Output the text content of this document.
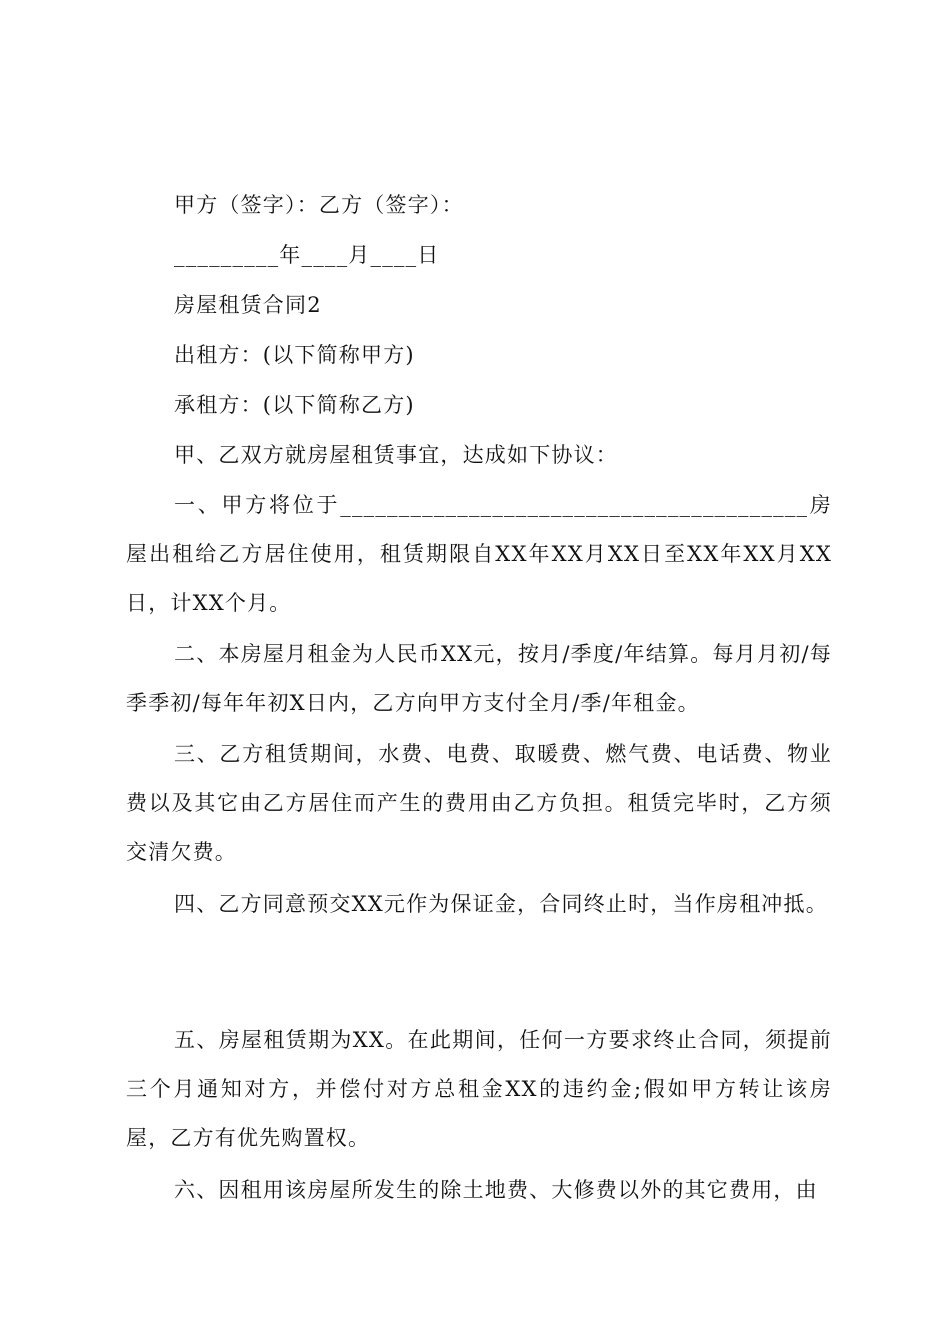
甲方（签字）：乙方（签字）：
_________年____月____日
房屋租赁合同2
出租方：(以下简称甲方)
承租方：(以下简称乙方)
甲、乙双方就房屋租赁事宜，达成如下协议：
一、甲方将位于________________________________________房屋出租给乙方居住使用，租赁期限自XX年XX月XX日至XX年XX月XX日，计XX个月。
二、本房屋月租金为人民币XX元，按月/季度/年结算。每月月初/每季季初/每年年初X日内，乙方向甲方支付全月/季/年租金。
三、乙方租赁期间，水费、电费、取暖费、燃气费、电话费、物业费以及其它由乙方居住而产生的费用由乙方负担。租赁完毕时，乙方须交清欠费。
四、乙方同意预交XX元作为保证金，合同终止时，当作房租冲抵。
五、房屋租赁期为XX。在此期间，任何一方要求终止合同，须提前三个月通知对方，并偿付对方总租金XX的违约金;假如甲方转让该房屋，乙方有优先购置权。
六、因租用该房屋所发生的除土地费、大修费以外的其它费用，由
